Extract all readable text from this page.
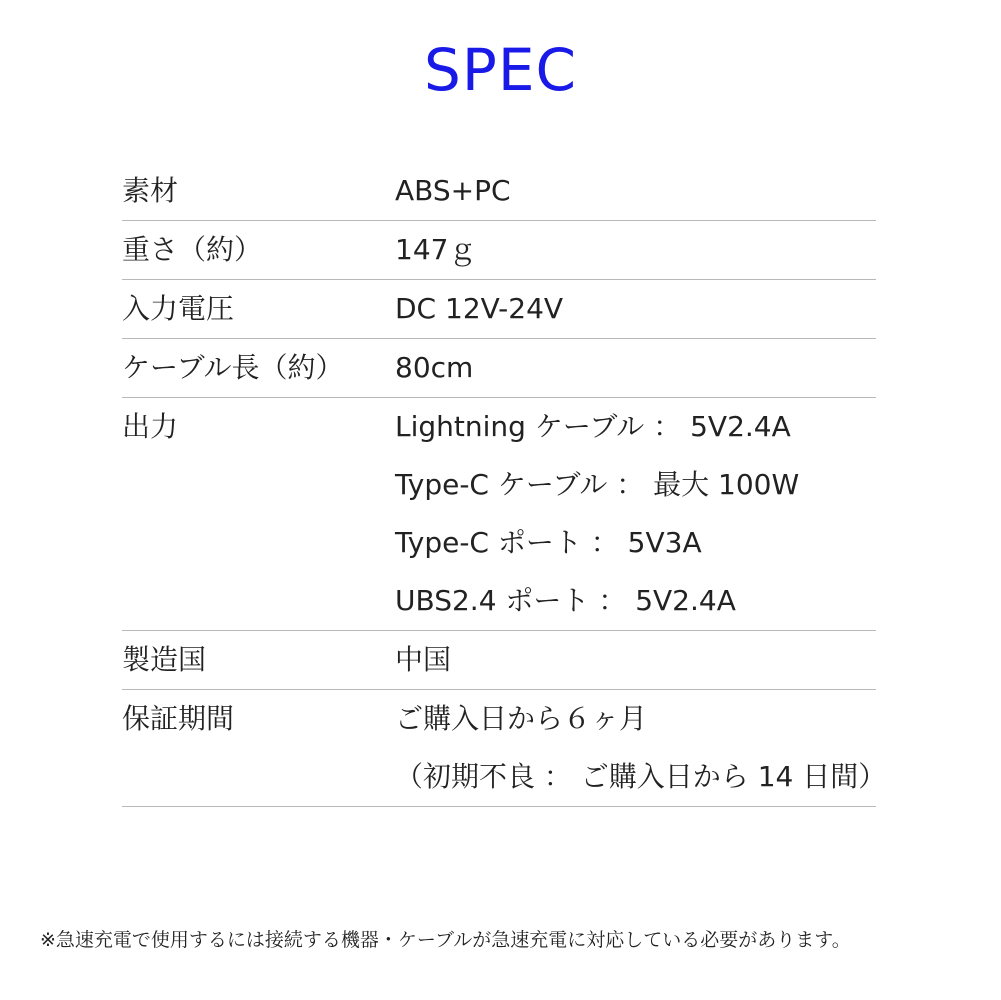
SPEC
素材	ABS+PC
重さ（約）	147ｇ
入力電圧	DC 12V-24V
ケーブル長（約）	80cm
出力	Lightning ケーブル ： 5V2.4A
Type-C ケーブル ： 最大 100W
Type-C ポート ： 5V3A
UBS2.4 ポート ： 5V2.4A
製造国	中国
保証期間	ご購入日から６ヶ月
（初期不良 ： ご購入日から 14 日間）
※急速充電で使用するには接続する機器・ケーブルが急速充電に対応している必要があります。
